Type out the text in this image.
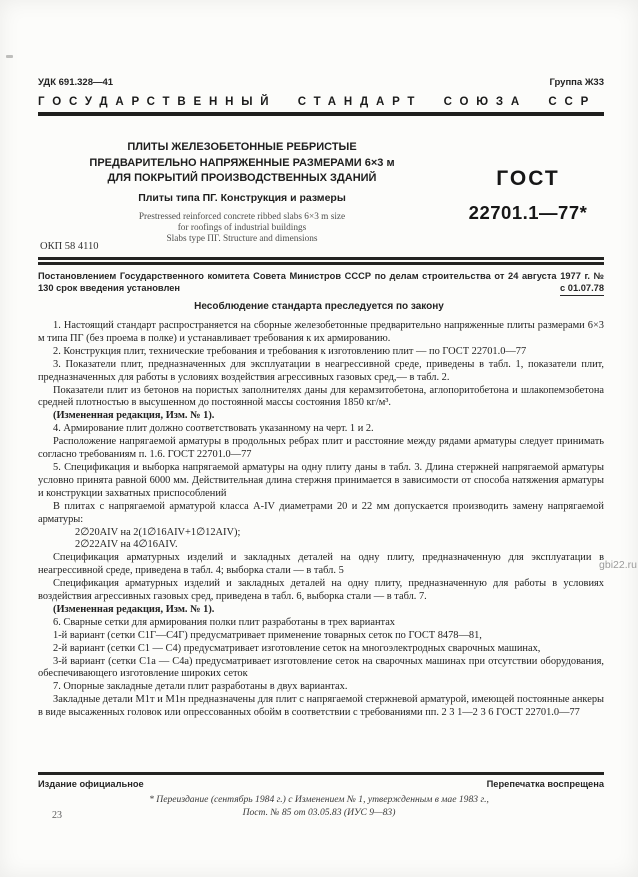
УДК 691.328—41	Группа Ж33
ГОСУДАРСТВЕННЫЙ СТАНДАРТ СОЮЗА ССР
ПЛИТЫ ЖЕЛЕЗОБЕТОННЫЕ РЕБРИСТЫЕ
ПРЕДВАРИТЕЛЬНО НАПРЯЖЕННЫЕ РАЗМЕРАМИ 6×3 м
ДЛЯ ПОКРЫТИЙ ПРОИЗВОДСТВЕННЫХ ЗДАНИЙ
Плиты типа ПГ. Конструкция и размеры
Prestressed reinforced concrete ribbed slabs 6×3 m size
for roofings of industrial buildings
Slabs type ПГ. Structure and dimensions
ГОСТ
22701.1—77*
ОКП 58 4110
Постановлением Государственного комитета Совета Министров СССР по делам строительства от 24 августа 1977 г. № 130 срок введения установлен	с 01.07.78
Несоблюдение стандарта преследуется по закону

1. Настоящий стандарт распространяется на сборные железобетонные предварительно напряженные плиты размерами 6×3 м типа ПГ (без проема в полке) и устанавливает требования к их армированию.

2. Конструкция плит, технические требования и требования к изготовлению плит — по ГОСТ 22701.0—77

3. Показатели плит, предназначенных для эксплуатации в неагрессивной среде, приведены в табл. 1, показатели плит, предназначенных для работы в условиях воздействия агрессивных газовых сред,— в табл. 2.

Показатели плит из бетонов на пористых заполнителях даны для керамзитобетона, аглопоритобетона и шлакопемзобетона средней плотностью в высушенном до постоянной массы состояния 1850 кг/м³.

(Измененная редакция, Изм. № 1).

4. Армирование плит должно соответствовать указанному на черт. 1 и 2.

Расположение напрягаемой арматуры в продольных ребрах плит и расстояние между рядами арматуры следует принимать согласно требованиям п. 1.6. ГОСТ 22701.0—77

5. Спецификация и выборка напрягаемой арматуры на одну плиту даны в табл. 3. Длина стержней напрягаемой арматуры условно принята равной 6000 мм. Действительная длина стержня принимается в зависимости от способа натяжения арматуры и конструкции захватных приспособлений

В плитах с напрягаемой арматурой класса A-IV диаметрами 20 и 22 мм допускается производить замену напрягаемой арматуры:

2∅20AIV на 2(1∅16AIV+1∅12AIV);

2∅22AIV на 4∅16AIV.

Спецификация арматурных изделий и закладных деталей на одну плиту, предназначенную для эксплуатации в неагрессивной среде, приведена в табл. 4; выборка стали — в табл. 5

Спецификация арматурных изделий и закладных деталей на одну плиту, предназначенную для работы в условиях воздействия агрессивных газовых сред, приведена в табл. 6, выборка стали — в табл. 7.

(Измененная редакция, Изм. № 1).

6. Сварные сетки для армирования полки плит разработаны в трех вариантах

1-й вариант (сетки С1Г—С4Г) предусматривает применение товарных сеток по ГОСТ 8478—81,

2-й вариант (сетки С1 — С4) предусматривает изготовление сеток на многоэлектродных сварочных машинах,

3-й вариант (сетки С1а — С4а) предусматривает изготовление сеток на сварочных машинах при отсутствии оборудования, обеспечивающего изготовление широких сеток

7. Опорные закладные детали плит разработаны в двух вариантах.

Закладные детали М1т и М1н предназначены для плит с напрягаемой стержневой арматурой, имеющей постоянные анкеры в виде высаженных головок или опрессованных обойм в соответствии с требованиями пп. 2 3 1—2 3 6 ГОСТ 22701.0—77

Издание официальное	Перепечатка воспрещена
* Переиздание (сентябрь 1984 г.) с Изменением № 1, утвержденным в мае 1983 г.,
Пост. № 85 от 03.05.83 (ИУС 9—83)
23
gbi22.ru
